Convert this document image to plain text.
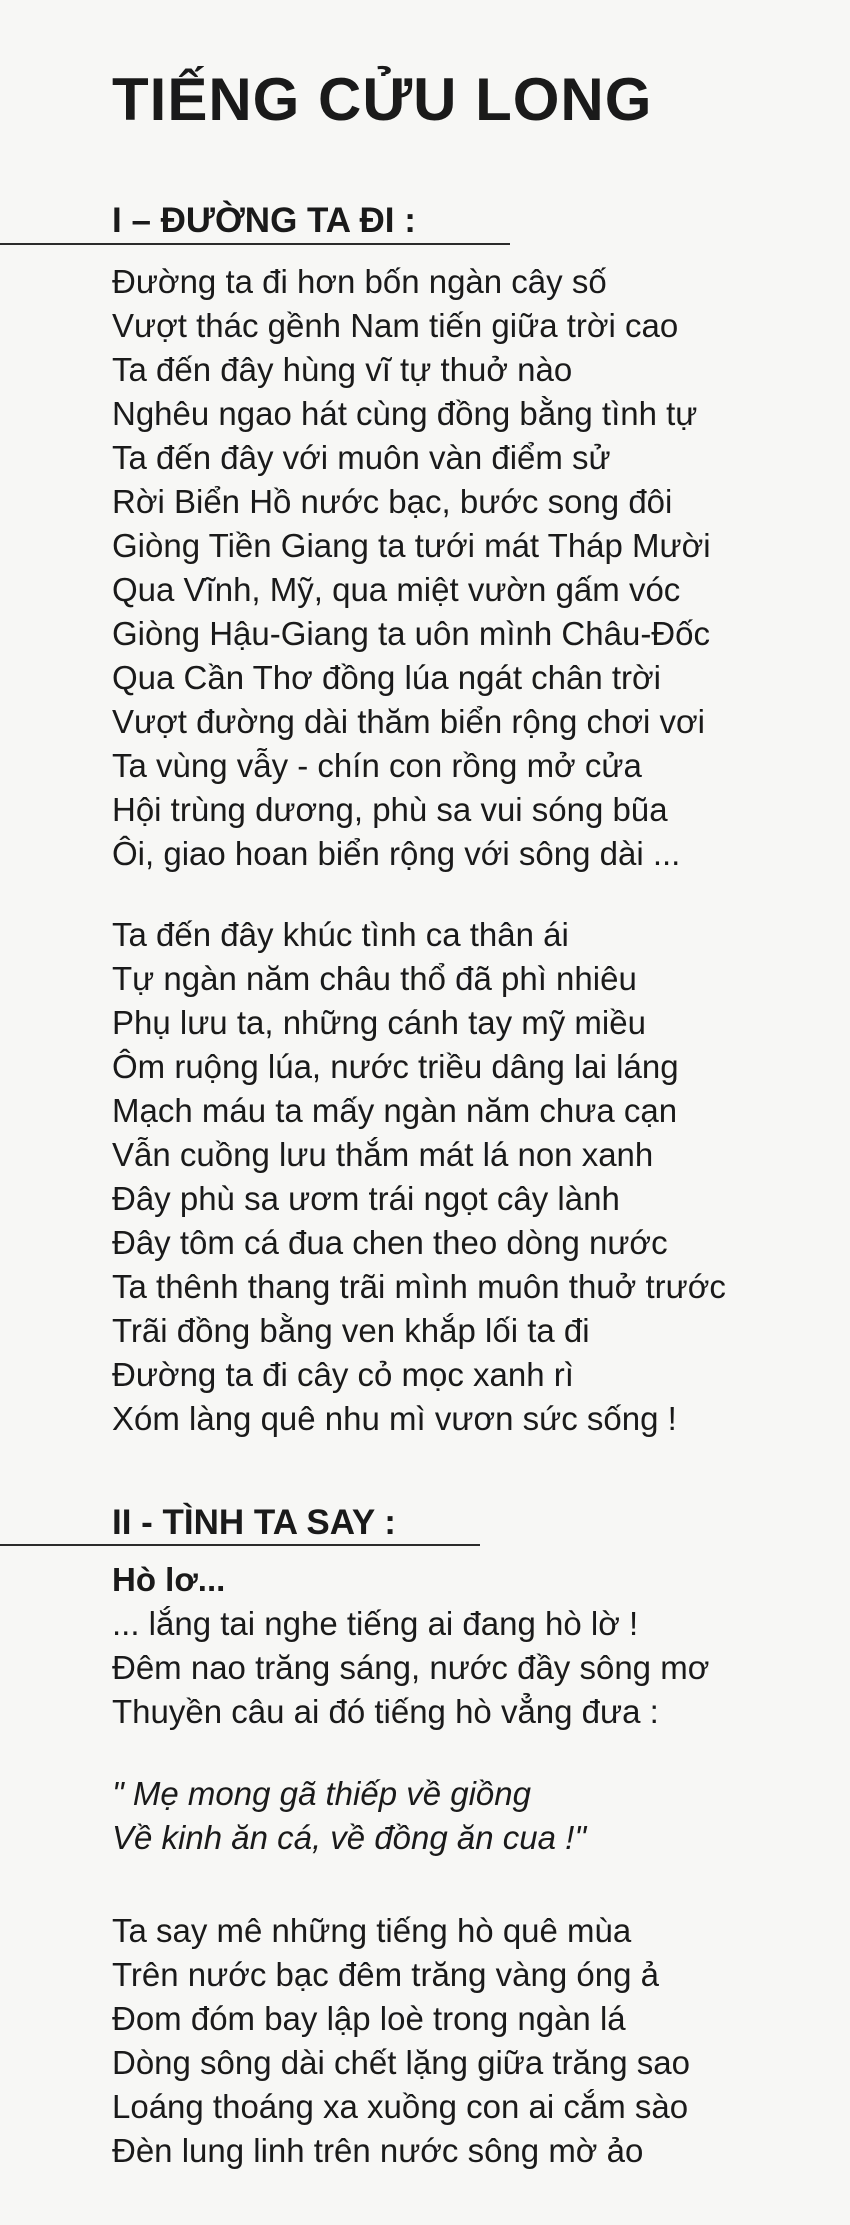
TIẾNG CỬU LONG
I – ĐƯỜNG TA ĐI :
Đường ta đi hơn bốn ngàn cây số
Vượt thác gềnh Nam tiến giữa trời cao
Ta đến đây hùng vĩ tự thuở nào
Nghêu ngao hát cùng đồng bằng tình tự
Ta đến đây với muôn vàn điểm sử
Rời Biển Hồ nước bạc, bước song đôi
Giòng Tiền Giang ta tưới mát Tháp Mười
Qua Vĩnh, Mỹ, qua miệt vườn gấm vóc
Giòng Hậu-Giang ta uôn mình Châu-Đốc
Qua Cần Thơ đồng lúa ngát chân trời
Vượt đường dài thăm biển rộng chơi vơi
Ta vùng vẫy - chín con rồng mở cửa
Hội trùng dương, phù sa vui sóng bũa
Ôi, giao hoan biển rộng với sông dài ...
Ta đến đây khúc tình ca thân ái
Tự ngàn năm châu thổ đã phì nhiêu
Phụ lưu ta, những cánh tay mỹ miều
Ôm ruộng lúa, nước triều dâng lai láng
Mạch máu ta mấy ngàn năm chưa cạn
Vẫn cuồng lưu thắm mát lá non xanh
Đây phù sa ươm trái ngọt cây lành
Đây tôm cá đua chen theo dòng nước
Ta thênh thang trãi mình muôn thuở trước
Trãi đồng bằng ven khắp lối ta đi
Đường ta đi cây cỏ mọc xanh rì
Xóm làng quê nhu mì vươn sức sống !
II - TÌNH TA SAY :
Hò lơ...
... lắng tai nghe tiếng ai đang hò lờ !
Đêm nao trăng sáng, nước đầy sông mơ
Thuyền câu ai đó tiếng hò vẳng đưa :
" Mẹ mong gã thiếp về giồng
Về kinh ăn cá, về đồng ăn cua !"
Ta say mê những tiếng hò quê mùa
Trên nước bạc đêm trăng vàng óng ả
Đom đóm bay lập loè trong ngàn lá
Dòng sông dài chết lặng giữa trăng sao
Loáng thoáng xa xuồng con ai cắm sào
Đèn lung linh trên nước sông mờ ảo
